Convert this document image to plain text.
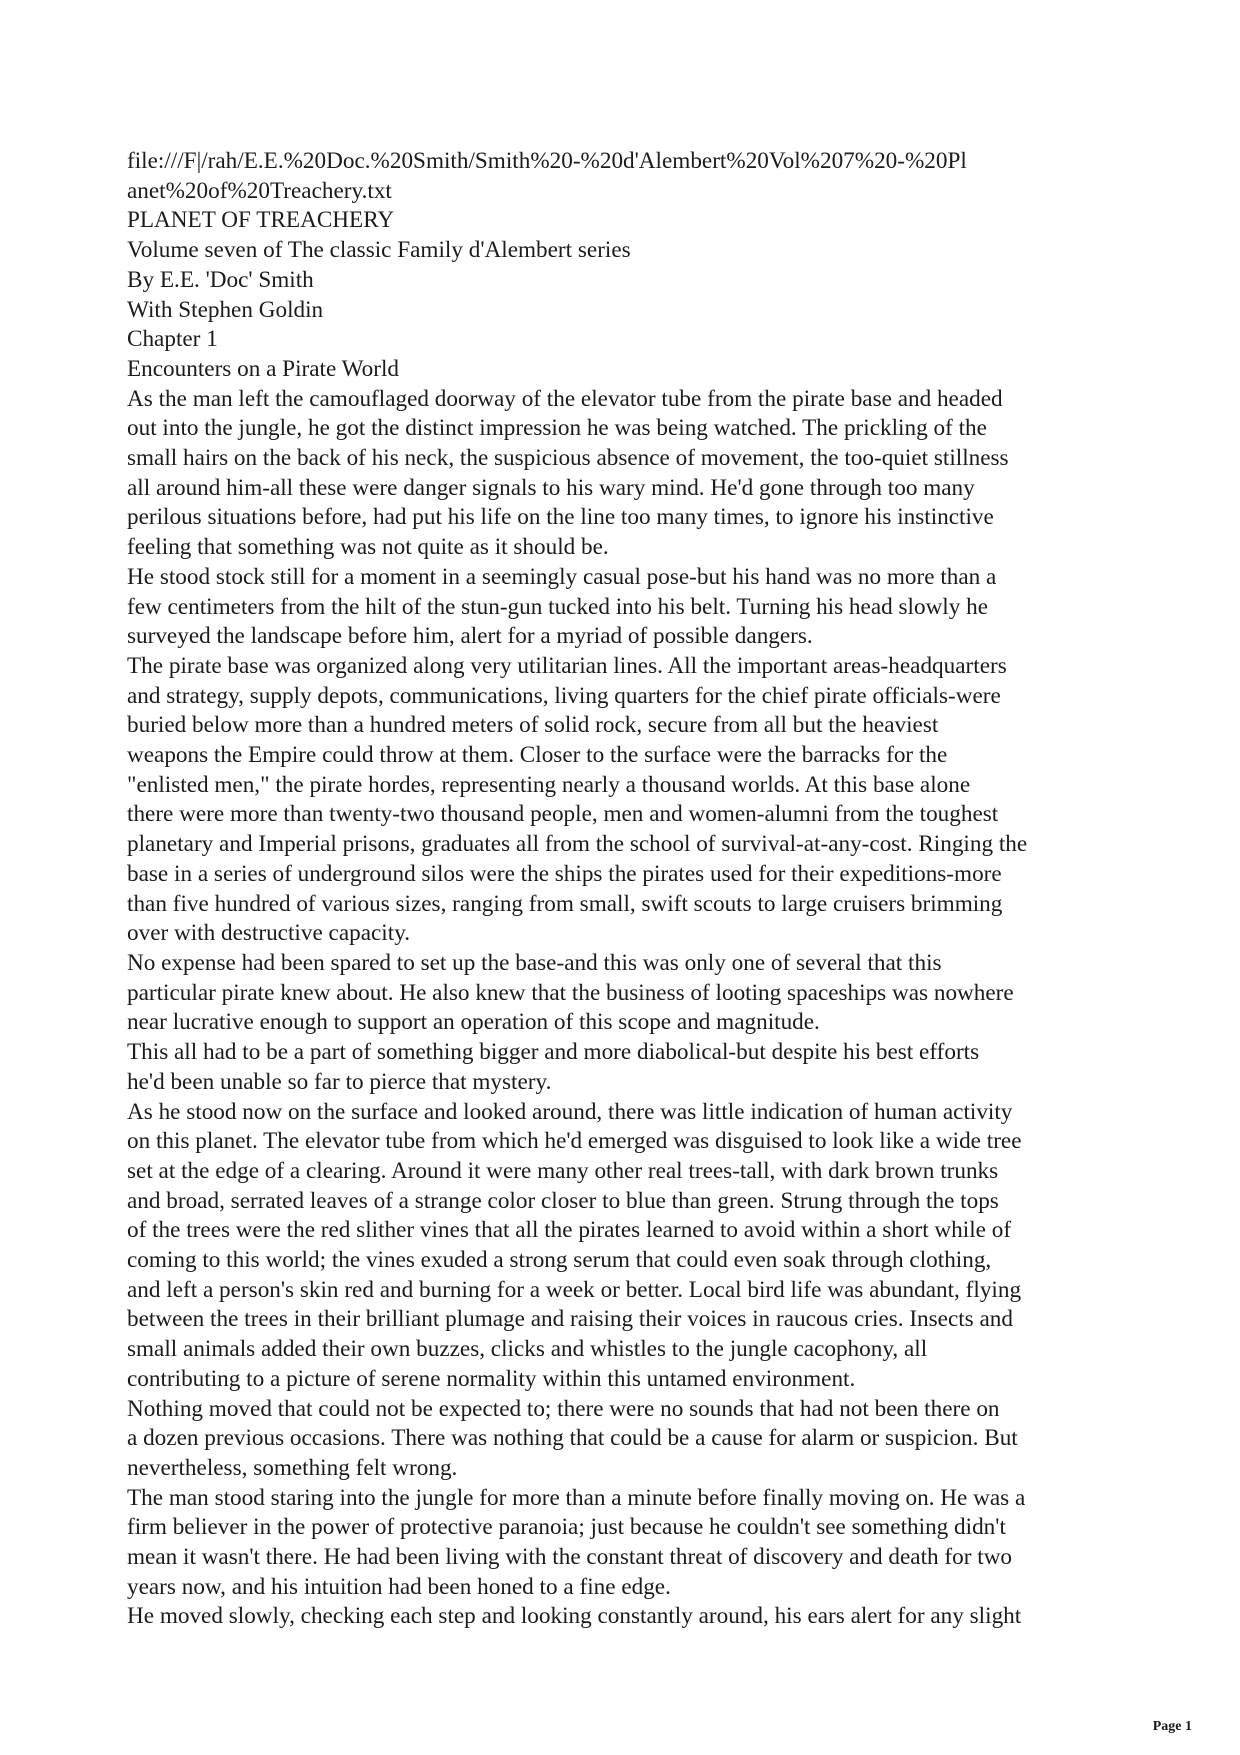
file:///F|/rah/E.E.%20Doc.%20Smith/Smith%20-%20d'Alembert%20Vol%207%20-%20Pl
anet%20of%20Treachery.txt
PLANET OF TREACHERY
Volume seven of The classic Family d'Alembert series
By E.E. 'Doc' Smith
With Stephen Goldin
Chapter 1
Encounters on a Pirate World
As the man left the camouflaged doorway of the elevator tube from the pirate base and headed
out into the jungle, he got the distinct impression he was being watched. The prickling of the
small hairs on the back of his neck, the suspicious absence of movement, the too-quiet stillness
all around him-all these were danger signals to his wary mind. He'd gone through too many
perilous situations before, had put his life on the line too many times, to ignore his instinctive
feeling that something was not quite as it should be.
He stood stock still for a moment in a seemingly casual pose-but his hand was no more than a
few centimeters from the hilt of the stun-gun tucked into his belt. Turning his head slowly he
surveyed the landscape before him, alert for a myriad of possible dangers.
The pirate base was organized along very utilitarian lines. All the important areas-headquarters
and strategy, supply depots, communications, living quarters for the chief pirate officials-were
buried below more than a hundred meters of solid rock, secure from all but the heaviest
weapons the Empire could throw at them. Closer to the surface were the barracks for the
"enlisted men," the pirate hordes, representing nearly a thousand worlds. At this base alone
there were more than twenty-two thousand people, men and women-alumni from the toughest
planetary and Imperial prisons, graduates all from the school of survival-at-any-cost. Ringing the
base in a series of underground silos were the ships the pirates used for their expeditions-more
than five hundred of various sizes, ranging from small, swift scouts to large cruisers brimming
over with destructive capacity.
No expense had been spared to set up the base-and this was only one of several that this
particular pirate knew about. He also knew that the business of looting spaceships was nowhere
near lucrative enough to support an operation of this scope and magnitude.
This all had to be a part of something bigger and more diabolical-but despite his best efforts
he'd been unable so far to pierce that mystery.
As he stood now on the surface and looked around, there was little indication of human activity
on this planet. The elevator tube from which he'd emerged was disguised to look like a wide tree
set at the edge of a clearing. Around it were many other real trees-tall, with dark brown trunks
and broad, serrated leaves of a strange color closer to blue than green. Strung through the tops
of the trees were the red slither vines that all the pirates learned to avoid within a short while of
coming to this world; the vines exuded a strong serum that could even soak through clothing,
and left a person's skin red and burning for a week or better. Local bird life was abundant, flying
between the trees in their brilliant plumage and raising their voices in raucous cries. Insects and
small animals added their own buzzes, clicks and whistles to the jungle cacophony, all
contributing to a picture of serene normality within this untamed environment.
Nothing moved that could not be expected to; there were no sounds that had not been there on
a dozen previous occasions. There was nothing that could be a cause for alarm or suspicion. But
nevertheless, something felt wrong.
The man stood staring into the jungle for more than a minute before finally moving on. He was a
firm believer in the power of protective paranoia; just because he couldn't see something didn't
mean it wasn't there. He had been living with the constant threat of discovery and death for two
years now, and his intuition had been honed to a fine edge.
He moved slowly, checking each step and looking constantly around, his ears alert for any slight
Page 1
